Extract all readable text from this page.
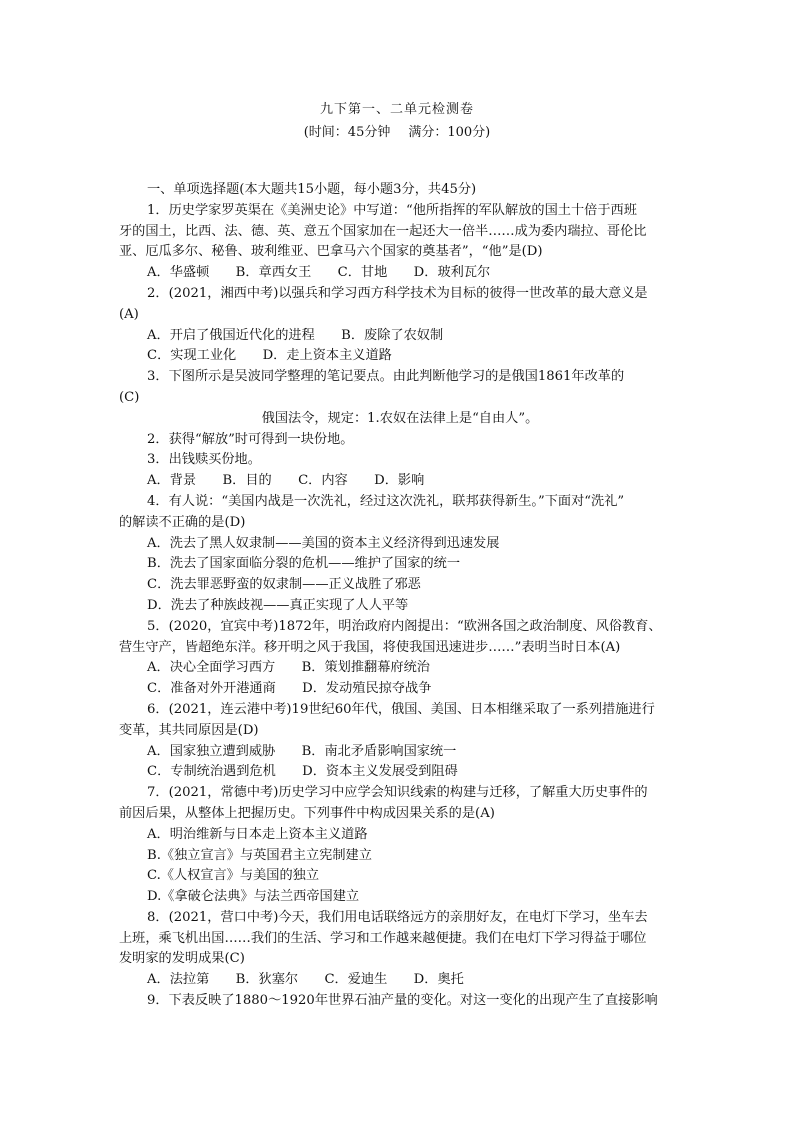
九下第一、二单元检测卷
(时间：45分钟 满分：100分)
一、单项选择题(本大题共15小题，每小题3分，共45分)
1．历史学家罗英渠在《美洲史论》中写道：“他所指挥的军队解放的国土十倍于西班
牙的国土，比西、法、德、英、意五个国家加在一起还大一倍半……成为委内瑞拉、哥伦比
亚、厄瓜多尔、秘鲁、玻利维亚、巴拿马六个国家的奠基者”，“他”是(D)
A．华盛顿　　B．章西女王　　C．甘地　　D．玻利瓦尔
2．(2021，湘西中考)以强兵和学习西方科学技术为目标的彼得一世改革的最大意义是
(A)
A．开启了俄国近代化的进程　　B．废除了农奴制
C．实现工业化　　D．走上资本主义道路
3．下图所示是吴波同学整理的笔记要点。由此判断他学习的是俄国1861年改革的
(C)
俄国法令，规定：1.农奴在法律上是“自由人”。
2．获得“解放”时可得到一块份地。
3．出钱赎买份地。
A．背景　　B．目的　　C．内容　　D．影响
4．有人说：“美国内战是一次洗礼，经过这次洗礼，联邦获得新生。”下面对“洗礼”
的解读不正确的是(D)
A．洗去了黑人奴隶制——美国的资本主义经济得到迅速发展
B．洗去了国家面临分裂的危机——维护了国家的统一
C．洗去罪恶野蛮的奴隶制——正义战胜了邪恶
D．洗去了种族歧视——真正实现了人人平等
5．(2020，宜宾中考)1872年，明治政府内阁提出：“欧洲各国之政治制度、风俗教育、
营生守产，皆超绝东洋。移开明之风于我国，将使我国迅速进步……”表明当时日本(A)
A．决心全面学习西方　　B．策划推翻幕府统治
C．准备对外开港通商　　D．发动殖民掠夺战争
6．(2021，连云港中考)19世纪60年代，俄国、美国、日本相继采取了一系列措施进行
变革，其共同原因是(D)
A．国家独立遭到威胁　　B．南北矛盾影响国家统一
C．专制统治遇到危机　　D．资本主义发展受到阻碍
7．(2021，常德中考)历史学习中应学会知识线索的构建与迁移，了解重大历史事件的
前因后果，从整体上把握历史。下列事件中构成因果关系的是(A)
A．明治维新与日本走上资本主义道路
B.《独立宣言》与英国君主立宪制建立
C.《人权宣言》与美国的独立
D.《拿破仑法典》与法兰西帝国建立
8．(2021，营口中考)今天，我们用电话联络远方的亲朋好友，在电灯下学习，坐车去
上班，乘飞机出国……我们的生活、学习和工作越来越便捷。我们在电灯下学习得益于哪位
发明家的发明成果(C)
A．法拉第　　B．狄塞尔　　C．爱迪生　　D．奥托
9．下表反映了1880～1920年世界石油产量的变化。对这一变化的出现产生了直接影响
